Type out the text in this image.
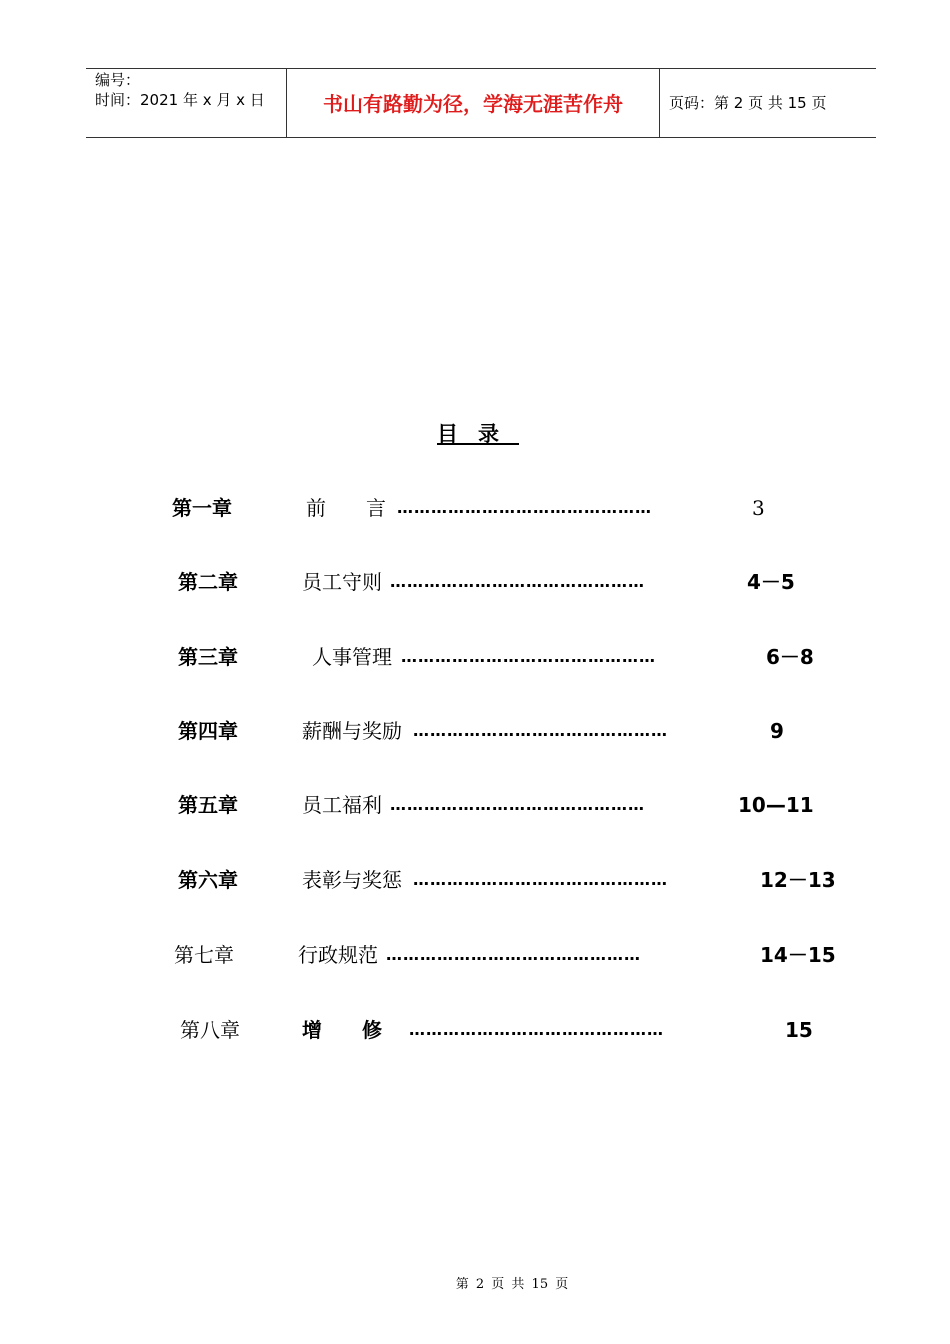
编号：
时间：2021 年 x 月 x 日	书山有路勤为径，学海无涯苦作舟	页码：第 2 页 共 15 页
目录
第一章	前　　言 ………………………………………	3
第二章	员工守则 ………………………………………	4－5
第三章	人事管理 ………………………………………	6－8
第四章	薪酬与奖励 ………………………………………	9
第五章	员工福利 ………………………………………	10—11
第六章	表彰与奖惩 ………………………………………	12－13
第七章	行政规范 ………………………………………	14－15
第八章	增　　修 ………………………………………	15
第 2 页 共 15 页
